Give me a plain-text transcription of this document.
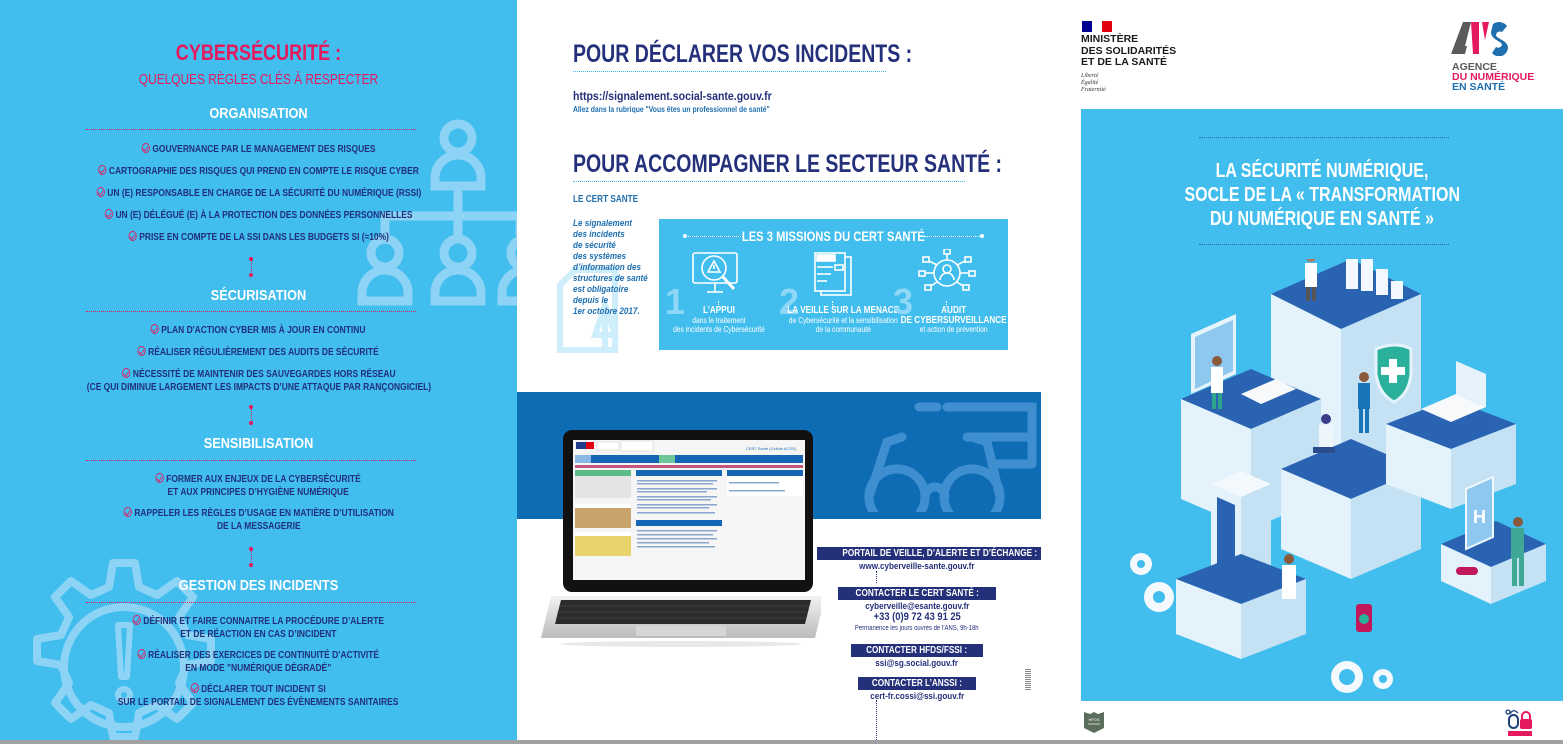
CYBERSÉCURITÉ :
QUELQUES RÈGLES CLÉS À RESPECTER
ORGANISATION
GOUVERNANCE PAR LE MANAGEMENT DES RISQUES
CARTOGRAPHIE DES RISQUES QUI PREND EN COMPTE LE RISQUE CYBER
UN (E) RESPONSABLE EN CHARGE DE LA SÉCURITÉ DU NUMÉRIQUE (RSSI)
UN (E) DÉLÉGUÉ (E) À LA PROTECTION DES DONNÉES PERSONNELLES
PRISE EN COMPTE DE LA SSI DANS LES BUDGETS SI (≈10%)
SÉCURISATION
PLAN D'ACTION CYBER MIS À JOUR EN CONTINU
RÉALISER RÉGULIÈREMENT DES AUDITS DE SÉCURITÉ
NÉCESSITÉ DE MAINTENIR DES SAUVEGARDES HORS RÉSEAU
(CE QUI DIMINUE LARGEMENT LES IMPACTS D’UNE ATTAQUE PAR RANÇONGICIEL)
SENSIBILISATION
FORMER AUX ENJEUX DE LA CYBERSÉCURITÉ
ET AUX PRINCIPES D’HYGIÈNE NUMÉRIQUE
RAPPELER LES RÈGLES D’USAGE EN MATIÈRE D’UTILISATION
DE LA MESSAGERIE
GESTION DES INCIDENTS
DÉFINIR ET FAIRE CONNAITRE LA PROCÉDURE D’ALERTE
ET DE RÉACTION EN CAS D’INCIDENT
RÉALISER DES EXERCICES DE CONTINUITÉ D’ACTIVITÉ
EN MODE "NUMÉRIQUE DÉGRADÉ"
DÉCLARER TOUT INCIDENT SI
SUR LE PORTAIL DE SIGNALEMENT DES ÉVÈNEMENTS SANITAIRES
POUR DÉCLARER VOS INCIDENTS :
https://signalement.social-sante.gouv.fr
Allez dans la rubrique "Vous êtes un professionnel de santé"
POUR ACCOMPAGNER LE SECTEUR SANTÉ :
LE CERT SANTE
Le signalement
des incidents
de sécurité
des systèmes
d’information des
structures de santé
est obligatoire
depuis le
1er octobre 2017.
LES 3 MISSIONS DU CERT SANTÉ
1	L’APPUI
dans le traitement
des incidents de Cybersécurité
2
LA VEILLE SUR LA MENACE
de Cybersécurité et la sensibilisation
de la communauté
3	AUDIT
DE CYBERSURVEILLANCE
et action de prévention
CERT Santé (Cellule ACSS)
PORTAIL DE VEILLE, D’ALERTE ET D’ÉCHANGE :
www.cyberveille-sante.gouv.fr
CONTACTER LE CERT SANTÉ :
cyberveille@esante.gouv.fr
+33 (0)9 72 43 91 25
Permanence les jours ouvrés de l’ANS, 9h-18h
CONTACTER HFDS/FSSI :
ssi@sg.social.gouv.fr
CONTACTER L’ANSSI :
cert-fr.cossi@ssi.gouv.fr
MINISTÈRE
DES SOLIDARITÉS
ET DE LA SANTÉ
Liberté
Égalité
Fraternité
AGENCE
DU NUMÉRIQUE
EN SANTÉ
LA SÉCURITÉ NUMÉRIQUE,
SOCLE DE LA « TRANSFORMATION
DU NUMÉRIQUE EN SANTÉ »
H
HFDS
